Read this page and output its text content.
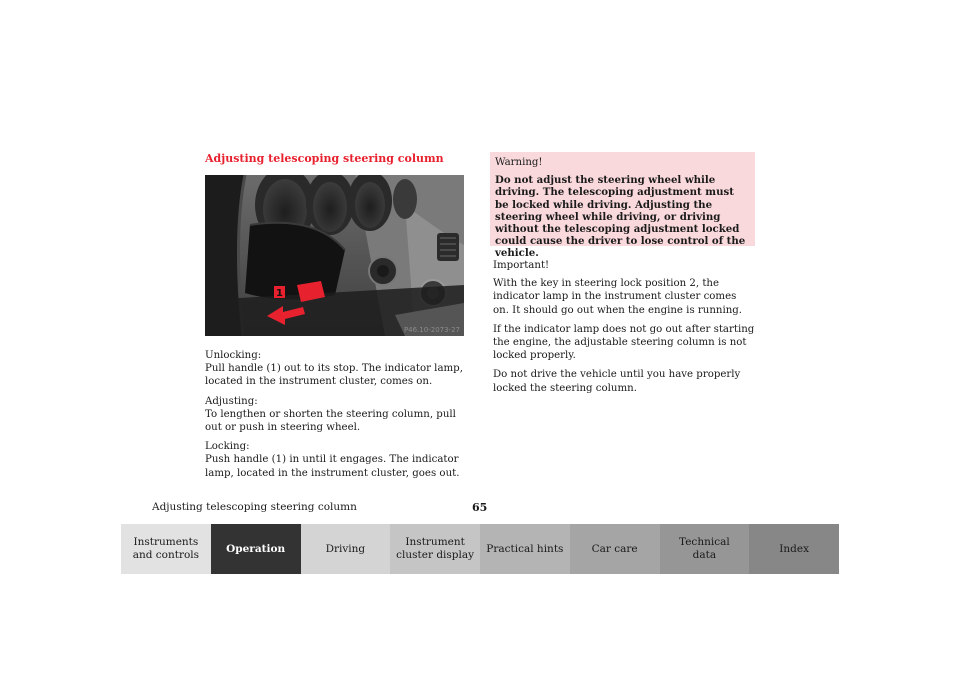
Adjusting telescoping steering column
1
P46.10-2073-27

Unlocking:
Pull handle (1) out to its stop. The indicator lamp, located in the instrument cluster, comes on.

Adjusting:
To lengthen or shorten the steering column, pull out or push in steering wheel.

Locking:
Push handle (1) in until it engages. The indicator lamp, located in the instrument cluster, goes out.

Warning!

Do not adjust the steering wheel while driving. The telescoping adjustment must be locked while driving. Adjusting the steering wheel while driving, or driving without the telescoping adjustment locked could cause the driver to lose control of the vehicle.

Important!

With the key in steering lock position 2, the indicator lamp in the instrument cluster comes on. It should go out when the engine is running.

If the indicator lamp does not go out after starting the engine, the adjustable steering column is not locked properly.

Do not drive the vehicle until you have properly locked the steering column.

Adjusting telescoping steering column	65
Instruments
and controls
Operation	Driving
Instrument
cluster display
Practical hints	Car care
Technical
data
Index
